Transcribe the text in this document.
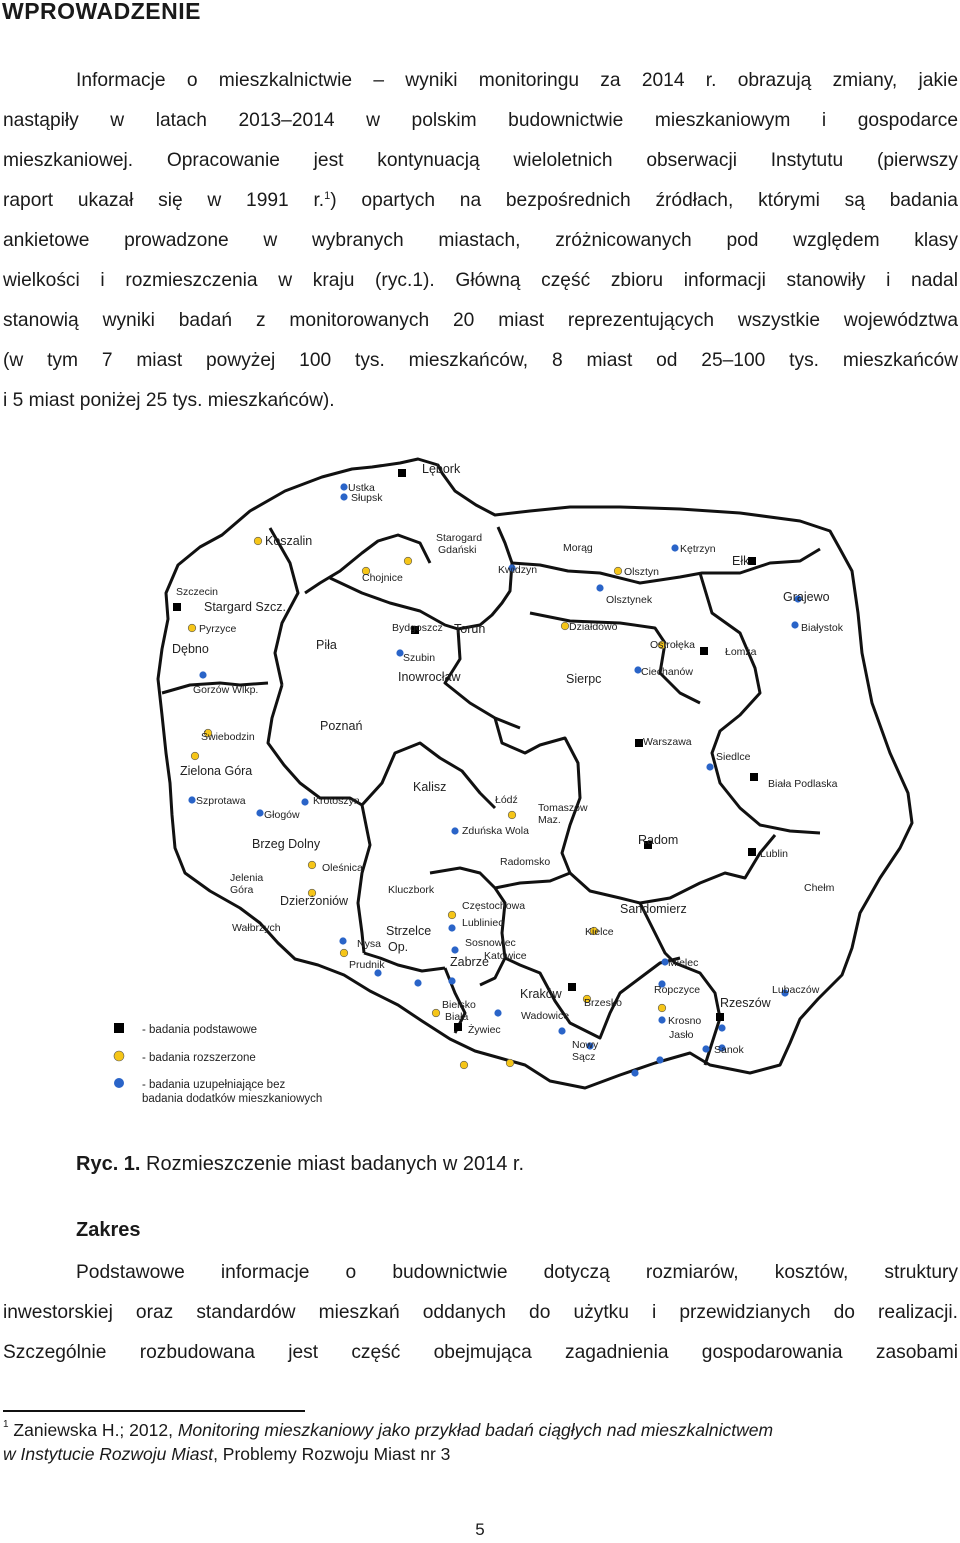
WPROWADZENIE
Informacje o mieszkalnictwie – wyniki monitoringu za 2014 r. obrazują zmiany, jakie
nastąpiły w latach 2013–2014 w polskim budownictwie mieszkaniowym i gospodarce
mieszkaniowej. Opracowanie jest kontynuacją wieloletnich obserwacji Instytutu (pierwszy
raport ukazał się w 1991 r.$^1$) opartych na bezpośrednich źródłach, którymi są badania
ankietowe prowadzone w wybranych miastach, zróżnicowanych pod względem klasy
wielkości i rozmieszczenia w kraju (ryc.1). Główną część zbioru informacji stanowiły i nadal
stanowią wyniki badań z monitorowanych 20 miast reprezentujących wszystkie województwa
(w tym 7 miast powyżej 100 tys. mieszkańców, 8 miast od 25–100 tys. mieszkańców
i 5 miast poniżej 25 tys. mieszkańców).
Lębork
Ustka
Słupsk
Koszalin	Starogard
Gdański
Kwidzyn
Chojnice
Morąg	Kętrzyn
Ełk
Olsztyn
Olsztynek
Szczecin
Stargard Szcz.
Pyrzyce
Dębno
Grajewo
Białystok
Bydgoszcz Toruń
Piła
Szubin
Inowrocław
Działdowo
Ostrołęka
Łomża
Sierpc	Ciechanów
Gorzów Wlkp.
Poznań
Świebodzin	Warszawa
Siedlce
Biała Podlaska
Zielona Góra
Szprotawa	Krotoszyn
Głogów
Kalisz
Łódź
Tomaszów
Maz.
Zduńska Wola
Radom
Lublin
Brzeg Dolny
Oleśnica	Radomsko
Chełm
Jelenia
Góra
Dzierżoniów
Kluczbork
Częstochowa	Sandomierz
Lubliniec
Wałbrzych	Strzelce
Op.
Kielce
Nysa
Prudnik
Sosnowiec
Katowice
Zabrze	Mielec
Kraków
Brzesko
Lubaczów
Ropczyce
Rzeszów
Bielsko
Biała
Żywiec
Wadowice	Krosno
Jasło
Sanok
Nowy
Sącz
- badania podstawowe
- badania rozszerzone
- badania uzupełniające bez
badania dodatków mieszkaniowych

Ryc. 1. Rozmieszczenie miast badanych w 2014 r.

Zakres
Podstawowe informacje o budownictwie dotyczą rozmiarów, kosztów, struktury
inwestorskiej oraz standardów mieszkań oddanych do użytku i przewidzianych do realizacji.
Szczególnie rozbudowana jest część obejmująca zagadnienia gospodarowania zasobami

$^1$ Zaniewska H.; 2012, Monitoring mieszkaniowy jako przykład badań ciągłych nad mieszkalnictwem
w Instytucie Rozwoju Miast, Problemy Rozwoju Miast nr 3

5
